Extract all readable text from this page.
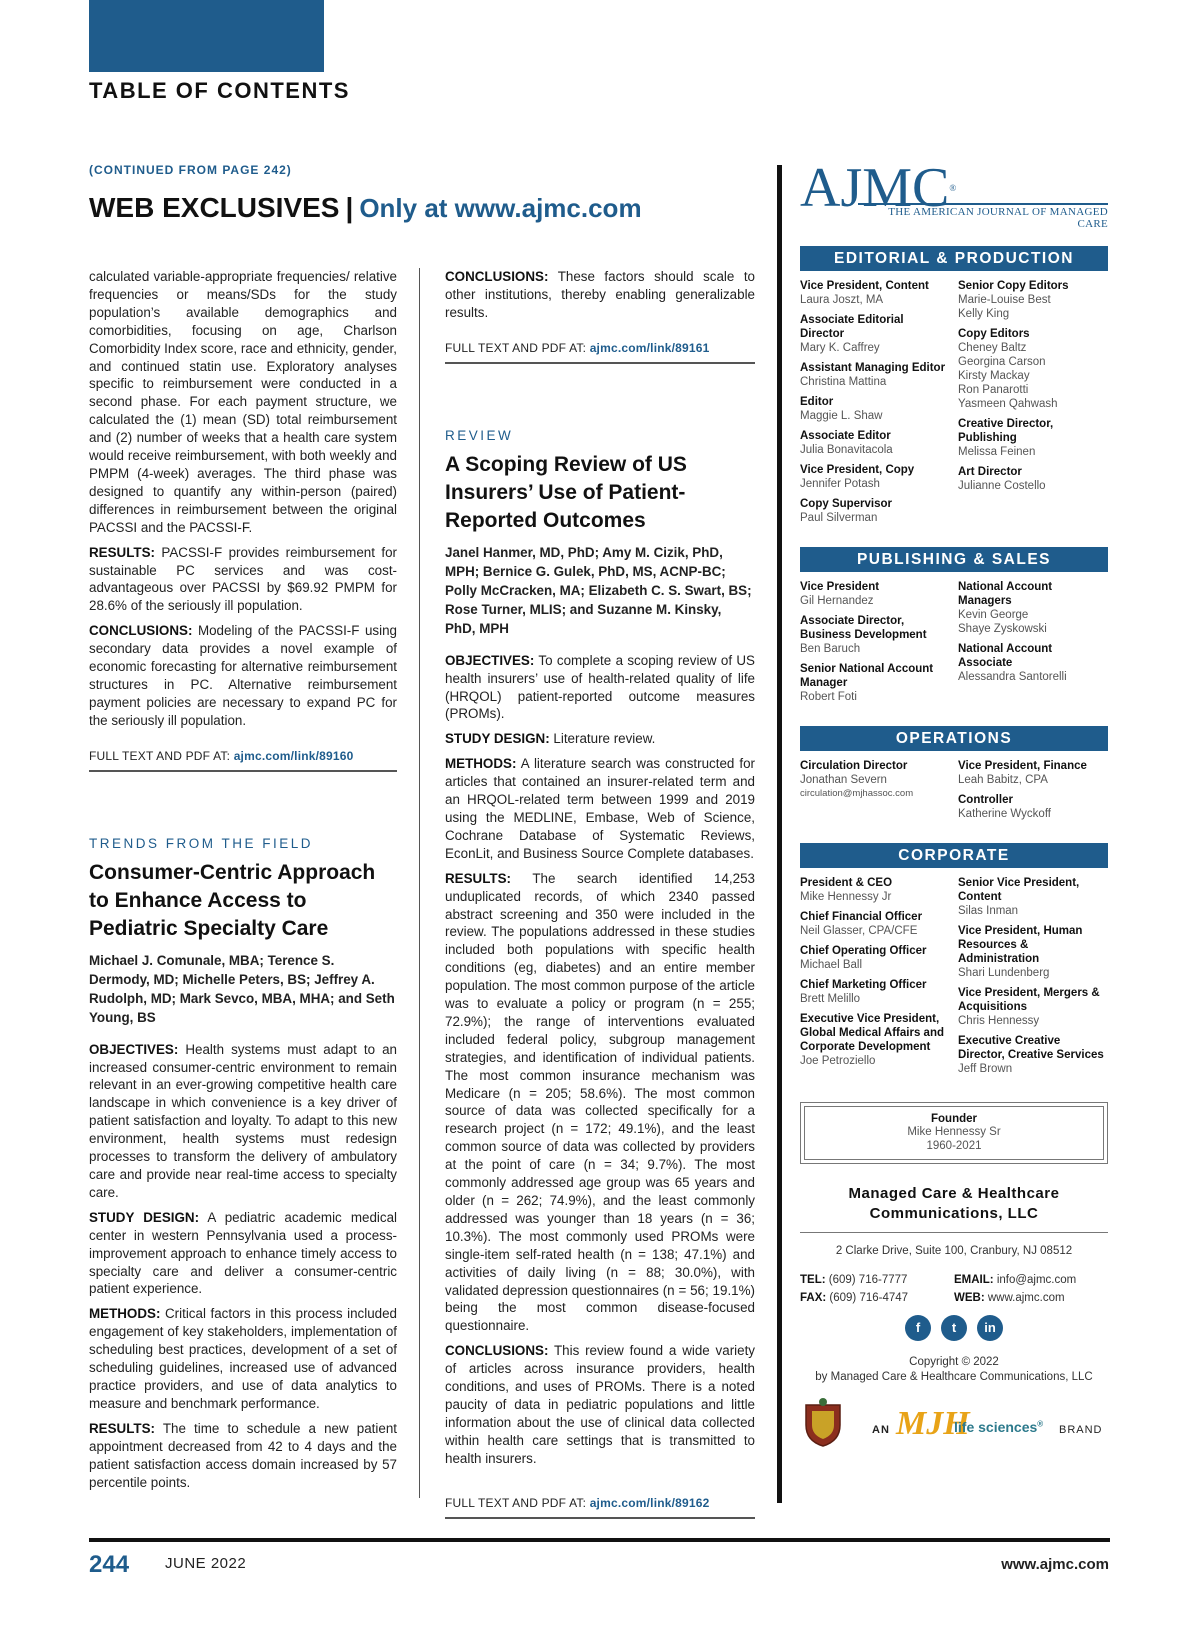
TABLE OF CONTENTS
(CONTINUED FROM PAGE 242)
WEB EXCLUSIVES | Only at www.ajmc.com
calculated variable-appropriate frequencies/ relative frequencies or means/SDs for the study population’s available demographics and comorbidities, focusing on age, Charlson Comorbidity Index score, race and ethnicity, gender, and continued statin use. Exploratory analyses specific to reimbursement were conducted in a second phase. For each payment structure, we calculated the (1) mean (SD) total reimbursement and (2) number of weeks that a health care system would receive reimbursement, with both weekly and PMPM (4-week) averages. The third phase was designed to quantify any within-person (paired) differences in reimbursement between the original PACSSI and the PACSSI-F.
RESULTS: PACSSI-F provides reimbursement for sustainable PC services and was cost-advantageous over PACSSI by $69.92 PMPM for 28.6% of the seriously ill population.
CONCLUSIONS: Modeling of the PACSSI-F using secondary data provides a novel example of economic forecasting for alternative reimbursement structures in PC. Alternative reimbursement payment policies are necessary to expand PC for the seriously ill population.
FULL TEXT AND PDF AT: ajmc.com/link/89160
TRENDS FROM THE FIELD
Consumer-Centric Approach to Enhance Access to Pediatric Specialty Care
Michael J. Comunale, MBA; Terence S. Dermody, MD; Michelle Peters, BS; Jeffrey A. Rudolph, MD; Mark Sevco, MBA, MHA; and Seth Young, BS
OBJECTIVES: Health systems must adapt to an increased consumer-centric environment to remain relevant in an ever-growing competitive health care landscape in which convenience is a key driver of patient satisfaction and loyalty. To adapt to this new environment, health systems must redesign processes to transform the delivery of ambulatory care and provide near real-time access to specialty care.
STUDY DESIGN: A pediatric academic medical center in western Pennsylvania used a process-improvement approach to enhance timely access to specialty care and deliver a consumer-centric patient experience.
METHODS: Critical factors in this process included engagement of key stakeholders, implementation of scheduling best practices, development of a set of scheduling guidelines, increased use of advanced practice providers, and use of data analytics to measure and benchmark performance.
RESULTS: The time to schedule a new patient appointment decreased from 42 to 4 days and the patient satisfaction access domain increased by 57 percentile points.
CONCLUSIONS: These factors should scale to other institutions, thereby enabling generalizable results.
FULL TEXT AND PDF AT: ajmc.com/link/89161
REVIEW
A Scoping Review of US Insurers’ Use of Patient-Reported Outcomes
Janel Hanmer, MD, PhD; Amy M. Cizik, PhD, MPH; Bernice G. Gulek, PhD, MS, ACNP-BC; Polly McCracken, MA; Elizabeth C. S. Swart, BS; Rose Turner, MLIS; and Suzanne M. Kinsky, PhD, MPH
OBJECTIVES: To complete a scoping review of US health insurers’ use of health-related quality of life (HRQOL) patient-reported outcome measures (PROMs).
STUDY DESIGN: Literature review.
METHODS: A literature search was constructed for articles that contained an insurer-related term and an HRQOL-related term between 1999 and 2019 using the MEDLINE, Embase, Web of Science, Cochrane Database of Systematic Reviews, EconLit, and Business Source Complete databases.
RESULTS: The search identified 14,253 unduplicated records, of which 2340 passed abstract screening and 350 were included in the review. The populations addressed in these studies included both populations with specific health conditions (eg, diabetes) and an entire member population. The most common purpose of the article was to evaluate a policy or program (n = 255; 72.9%); the range of interventions evaluated included federal policy, subgroup management strategies, and identification of individual patients. The most common insurance mechanism was Medicare (n = 205; 58.6%). The most common source of data was collected specifically for a research project (n = 172; 49.1%), and the least common source of data was collected by providers at the point of care (n = 34; 9.7%). The most commonly addressed age group was 65 years and older (n = 262; 74.9%), and the least commonly addressed was younger than 18 years (n = 36; 10.3%). The most commonly used PROMs were single-item self-rated health (n = 138; 47.1%) and activities of daily living (n = 88; 30.0%), with validated depression questionnaires (n = 56; 19.1%) being the most common disease-focused questionnaire.
CONCLUSIONS: This review found a wide variety of articles across insurance providers, health conditions, and uses of PROMs. There is a noted paucity of data in pediatric populations and little information about the use of clinical data collected within health care settings that is transmitted to health insurers.
FULL TEXT AND PDF AT: ajmc.com/link/89162
AJMC®
THE AMERICAN JOURNAL OF MANAGED CARE
EDITORIAL & PRODUCTION
Vice President, Content
Laura Joszt, MA
Associate Editorial Director
Mary K. Caffrey
Assistant Managing Editor
Christina Mattina
Editor
Maggie L. Shaw
Associate Editor
Julia Bonavitacola
Vice President, Copy
Jennifer Potash
Copy Supervisor
Paul Silverman
Senior Copy Editors
Marie-Louise Best
Kelly King
Copy Editors
Cheney Baltz
Georgina Carson
Kirsty Mackay
Ron Panarotti
Yasmeen Qahwash
Creative Director, Publishing
Melissa Feinen
Art Director
Julianne Costello
PUBLISHING & SALES
Vice President
Gil Hernandez
Associate Director, Business Development
Ben Baruch
Senior National Account Manager
Robert Foti
National Account Managers
Kevin George
Shaye Zyskowski
National Account Associate
Alessandra Santorelli
OPERATIONS
Circulation Director
Jonathan Severn
circulation@mjhassoc.com
Vice President, Finance
Leah Babitz, CPA
Controller
Katherine Wyckoff
CORPORATE
President & CEO
Mike Hennessy Jr
Chief Financial Officer
Neil Glasser, CPA/CFE
Chief Operating Officer
Michael Ball
Chief Marketing Officer
Brett Melillo
Executive Vice President, Global Medical Affairs and Corporate Development
Joe Petroziello
Senior Vice President, Content
Silas Inman
Vice President, Human Resources & Administration
Shari Lundenberg
Vice President, Mergers & Acquisitions
Chris Hennessy
Executive Creative Director, Creative Services
Jeff Brown
Founder
Mike Hennessy Sr
1960-2021
Managed Care & Healthcare Communications, LLC
2 Clarke Drive, Suite 100, Cranbury, NJ 08512
TEL: (609) 716-7777
FAX: (609) 716-4747
EMAIL: info@ajmc.com
WEB: www.ajmc.com
f	t	in
Copyright © 2022
by Managed Care & Healthcare Communications, LLC
AN MJH
life sciences®
BRAND
244 JUNE 2022	www.ajmc.com
